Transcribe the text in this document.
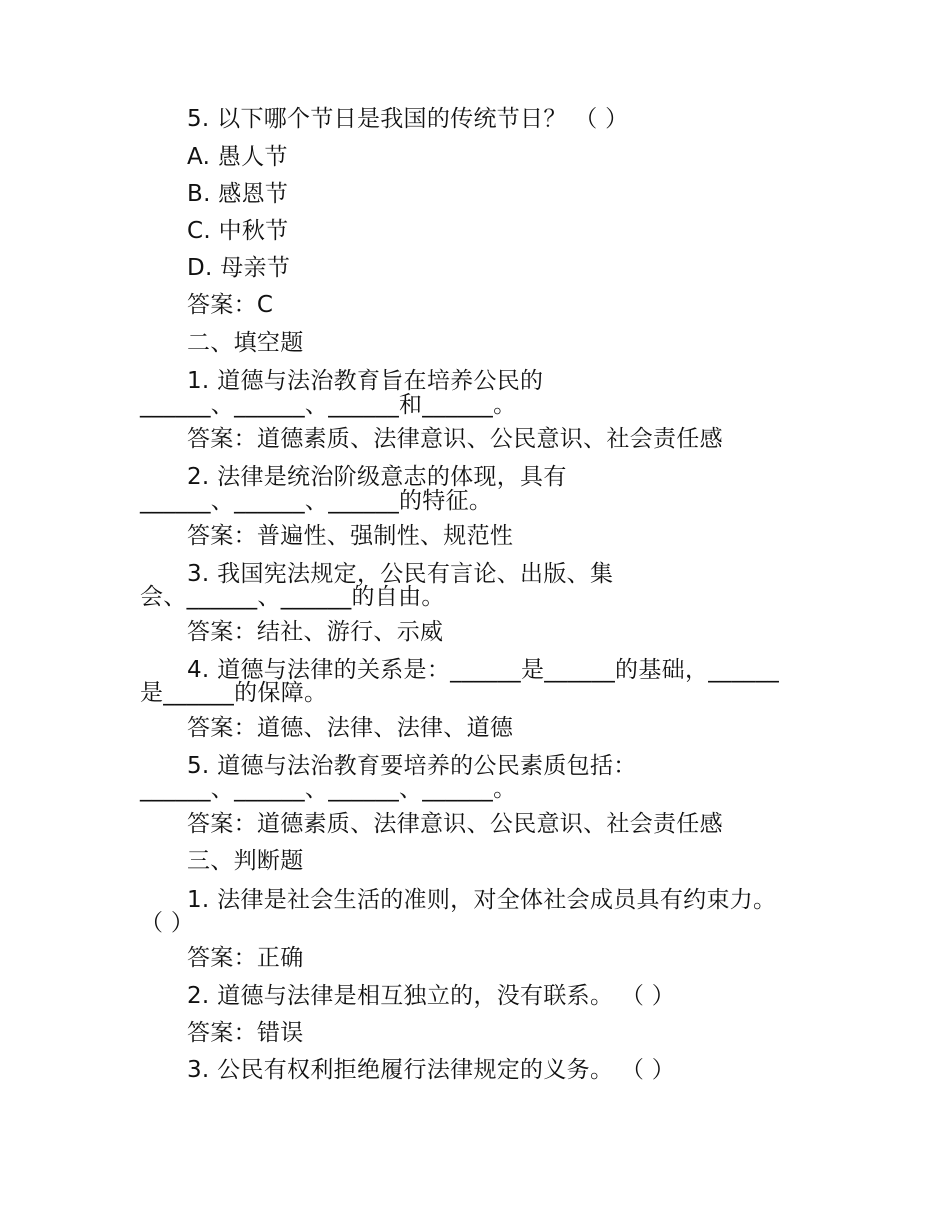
5. 以下哪个节日是我国的传统节日？ （ ）
A. 愚人节
B. 感恩节
C. 中秋节
D. 母亲节
答案：C
二、填空题
1. 道德与法治教育旨在培养公民的
______、______、______和______。
答案：道德素质、法律意识、公民意识、社会责任感
2. 法律是统治阶级意志的体现，具有
______、______、______的特征。
答案：普遍性、强制性、规范性
3. 我国宪法规定，公民有言论、出版、集
会、______、______的自由。
答案：结社、游行、示威
4. 道德与法律的关系是：______是______的基础，______
是______的保障。
答案：道德、法律、法律、道德
5. 道德与法治教育要培养的公民素质包括：
______、______、______、______。
答案：道德素质、法律意识、公民意识、社会责任感
三、判断题
1. 法律是社会生活的准则，对全体社会成员具有约束力。
（ ）
答案：正确
2. 道德与法律是相互独立的，没有联系。 （ ）
答案：错误
3. 公民有权利拒绝履行法律规定的义务。 （ ）
